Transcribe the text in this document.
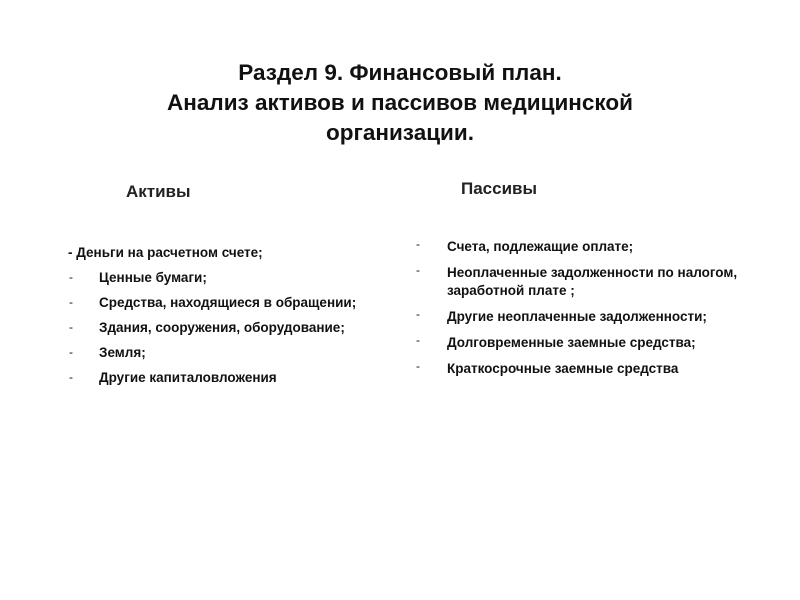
Раздел 9. Финансовый план.
Анализ активов и пассивов медицинской
организации.
Активы	Пассивы
- Деньги на расчетном счете;
- Ценные бумаги;
- Средства, находящиеся в обращении;
- Здания, сооружения, оборудование;
- Земля;
- Другие капиталовложения
- Счета, подлежащие оплате;
- Неоплаченные задолженности по налогом, заработной плате ;
- Другие неоплаченные задолженности;
- Долговременные заемные средства;
- Краткосрочные заемные средства
